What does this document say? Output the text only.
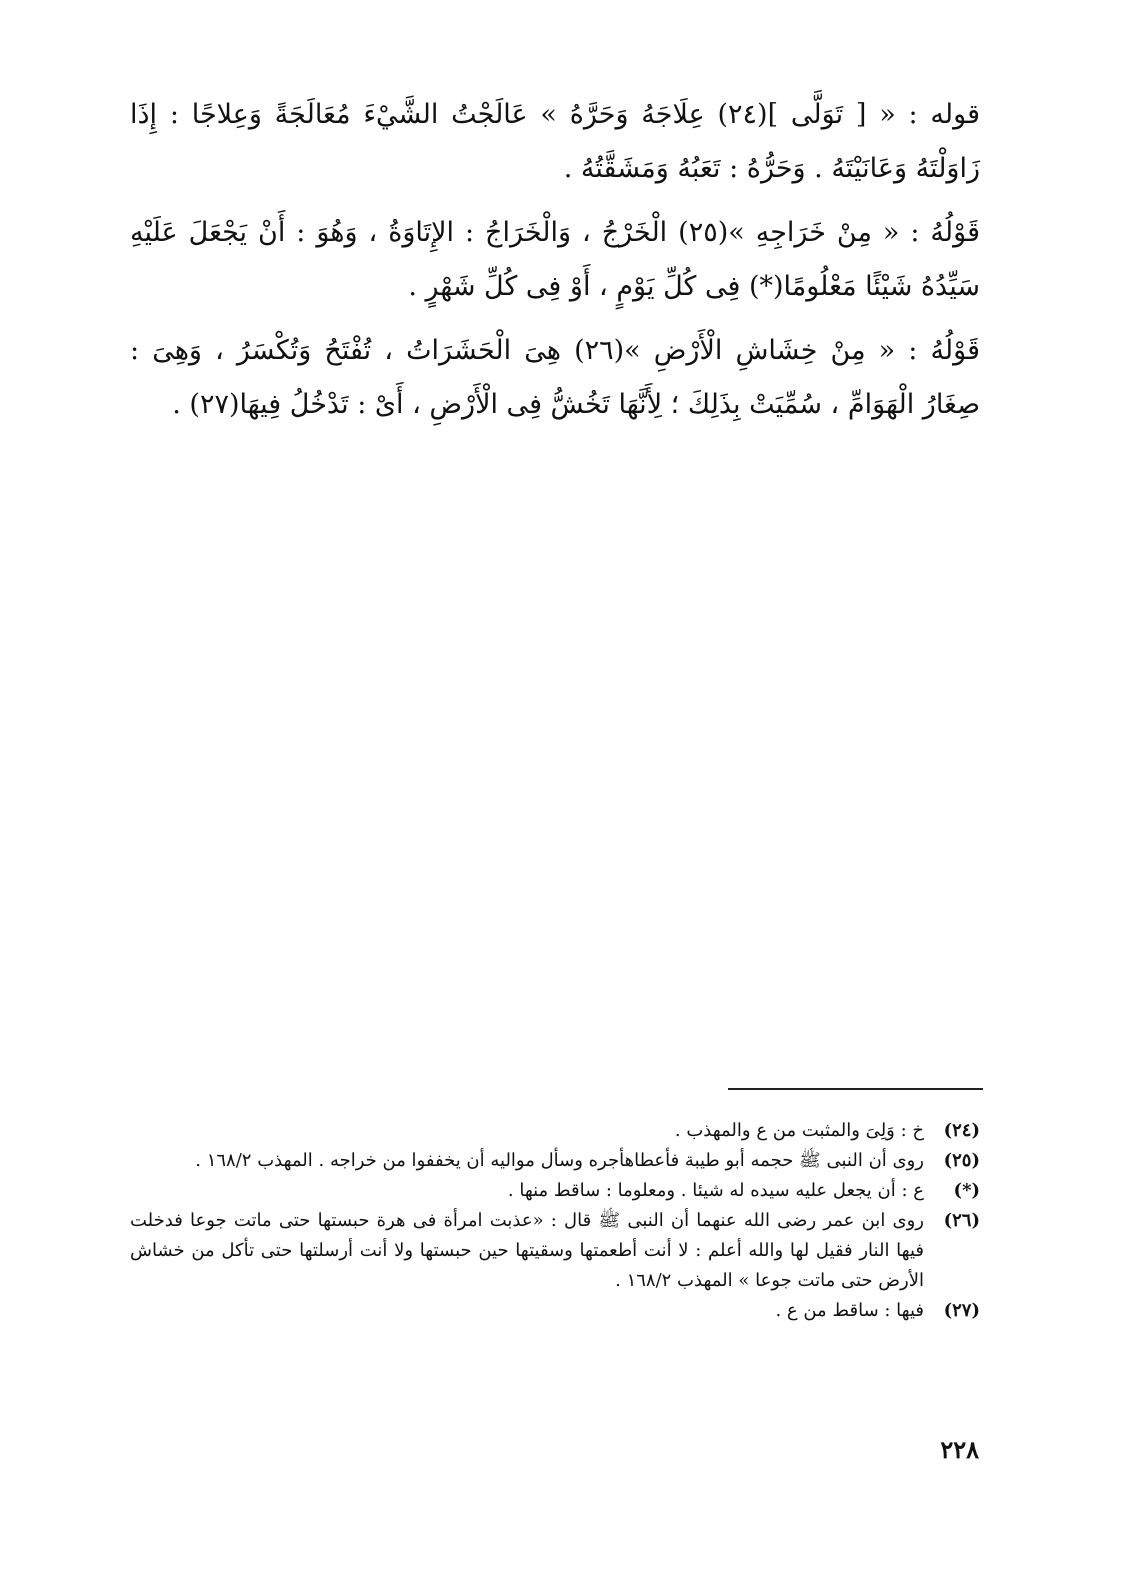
قوله : « [ تَوَلَّى ](٢٤) عِلَاجَهُ وَحَرَّهُ » عَالَجْتُ الشَّيْءَ مُعَالَجَةً وَعِلاجًا : إِذَا زَاوَلْتَهُ وَعَانَيْتَهُ . وَحَرُّهُ : تَعَبُهُ وَمَشَقَّتُهُ .

قَوْلُهُ : « مِنْ خَرَاجِهِ »(٢٥) الْخَرْجُ ، وَالْخَرَاجُ : الإِتَاوَةُ ، وَهُوَ : أَنْ يَجْعَلَ عَلَيْهِ سَيِّدُهُ شَيْئًا مَعْلُومًا(*) فِى كُلِّ يَوْمٍ ، أَوْ فِى كُلِّ شَهْرٍ .

قَوْلُهُ : « مِنْ خِشَاشِ الْأَرْضِ »(٢٦) هِىَ الْحَشَرَاتُ ، تُفْتَحُ وَتُكْسَرُ ، وَهِىَ : صِغَارُ الْهَوَامِّ ، سُمِّيَتْ بِذَلِكَ ؛ لِأَنَّهَا تَخُشُّ فِى الْأَرْضِ ، أَىْ : تَدْخُلُ فِيهَا(٢٧) .

(٢٤)
خ : وَلِىَ والمثبت من ع والمهذب .
(٢٥)
روى أن النبى ﷺ حجمه أبو طيبة فأعطاهأجره وسأل مواليه أن يخففوا من خراجه . المهذب ١٦٨/٢ .
(*)
ع : أن يجعل عليه سيده له شيئا . ومعلوما : ساقط منها .
(٢٦)
روى ابن عمر رضى الله عنهما أن النبى ﷺ قال : «عذبت امرأة فى هرة حبستها حتى ماتت جوعا فدخلت فيها النار فقيل لها والله أعلم : لا أنت أطعمتها وسقيتها حين حبستها ولا أنت أرسلتها حتى تأكل من خشاش الأرض حتى ماتت جوعا » المهذب ١٦٨/٢ .
(٢٧)
فيها : ساقط من ع .
٢٢٨
